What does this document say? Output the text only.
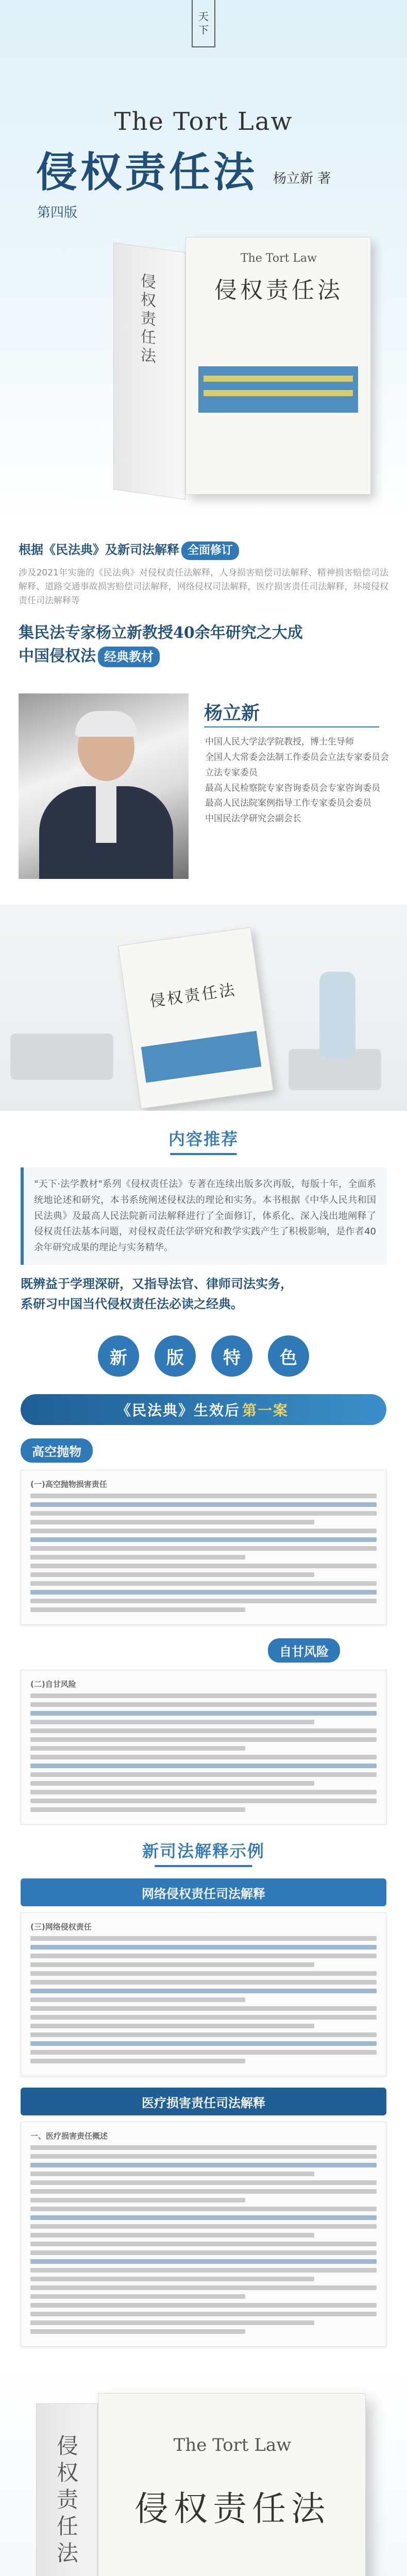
天
下
The Tort Law
侵权责任法 杨立新 著
第四版
侵权责任法
The Tort Law
侵权责任法
根据《民法典》及新司法解释 全面修订

涉及2021年实施的《民法典》对侵权责任法解释，人身损害赔偿司法解释、精神损害赔偿司法解释、道路交通事故损害赔偿司法解释，网络侵权司法解释，医疗损害责任司法解释，环境侵权责任司法解释等

集民法专家杨立新教授40余年研究之大成
中国侵权法 经典教材
杨立新
中国人民大学法学院教授，博士生导师
全国人大常委会法制工作委员会立法专家委员会立法专家委员
最高人民检察院专家咨询委员会专家咨询委员
最高人民法院案例指导工作专家委员会委员
中国民法学研究会副会长
侵权责任法
内容推荐

"天下·法学教材"系列《侵权责任法》专著在连续出版多次再版，每版十年，全面系统地论述和研究，本书系统阐述侵权法的理论和实务。本书根据《中华人民共和国民法典》及最高人民法院新司法解释进行了全面修订，体系化、深入浅出地阐释了侵权责任法基本问题，对侵权责任法学研究和教学实践产生了积极影响，是作者40余年研究成果的理论与实务精华。

既辨益于学理深研，又指导法官、律师司法实务，
系研习中国当代侵权责任法必读之经典。
新	版	特	色
《民法典》生效后 第一案
高空抛物
(一)高空抛物损害责任
自甘风险
(二)自甘风险
新司法解释示例
网络侵权责任司法解释
(三)网络侵权责任
医疗损害责任司法解释
一、医疗损害责任概述
侵权责任法	The Tort Law
侵权责任法
